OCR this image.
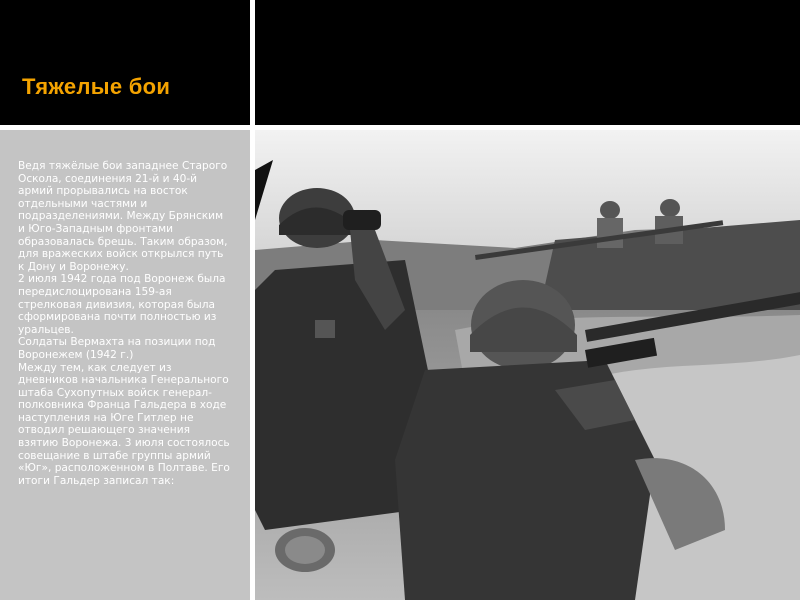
Тяжелые бои
Ведя тяжёлые бои западнее Старого Оскола, соединения 21-й и 40-й армий прорывались на восток отдельными частями и подразделениями. Между Брянским и Юго-Западным фронтами образовалась брешь. Таким образом, для вражеских войск открылся путь к Дону и Воронежу.
2 июля 1942 года под Воронеж была передислоцирована 159-ая стрелковая дивизия, которая была сформирована почти полностью из уральцев.
Солдаты Вермахта на позиции под Воронежем (1942 г.)
Между тем, как следует из дневников начальника Генерального штаба Сухопутных войск генерал-полковника Франца Гальдера в ходе наступления на Юге Гитлер не отводил решающего значения взятию Воронежа. 3 июля состоялось совещание в штабе группы армий «Юг», расположенном в Полтаве. Его итоги Гальдер записал так:
